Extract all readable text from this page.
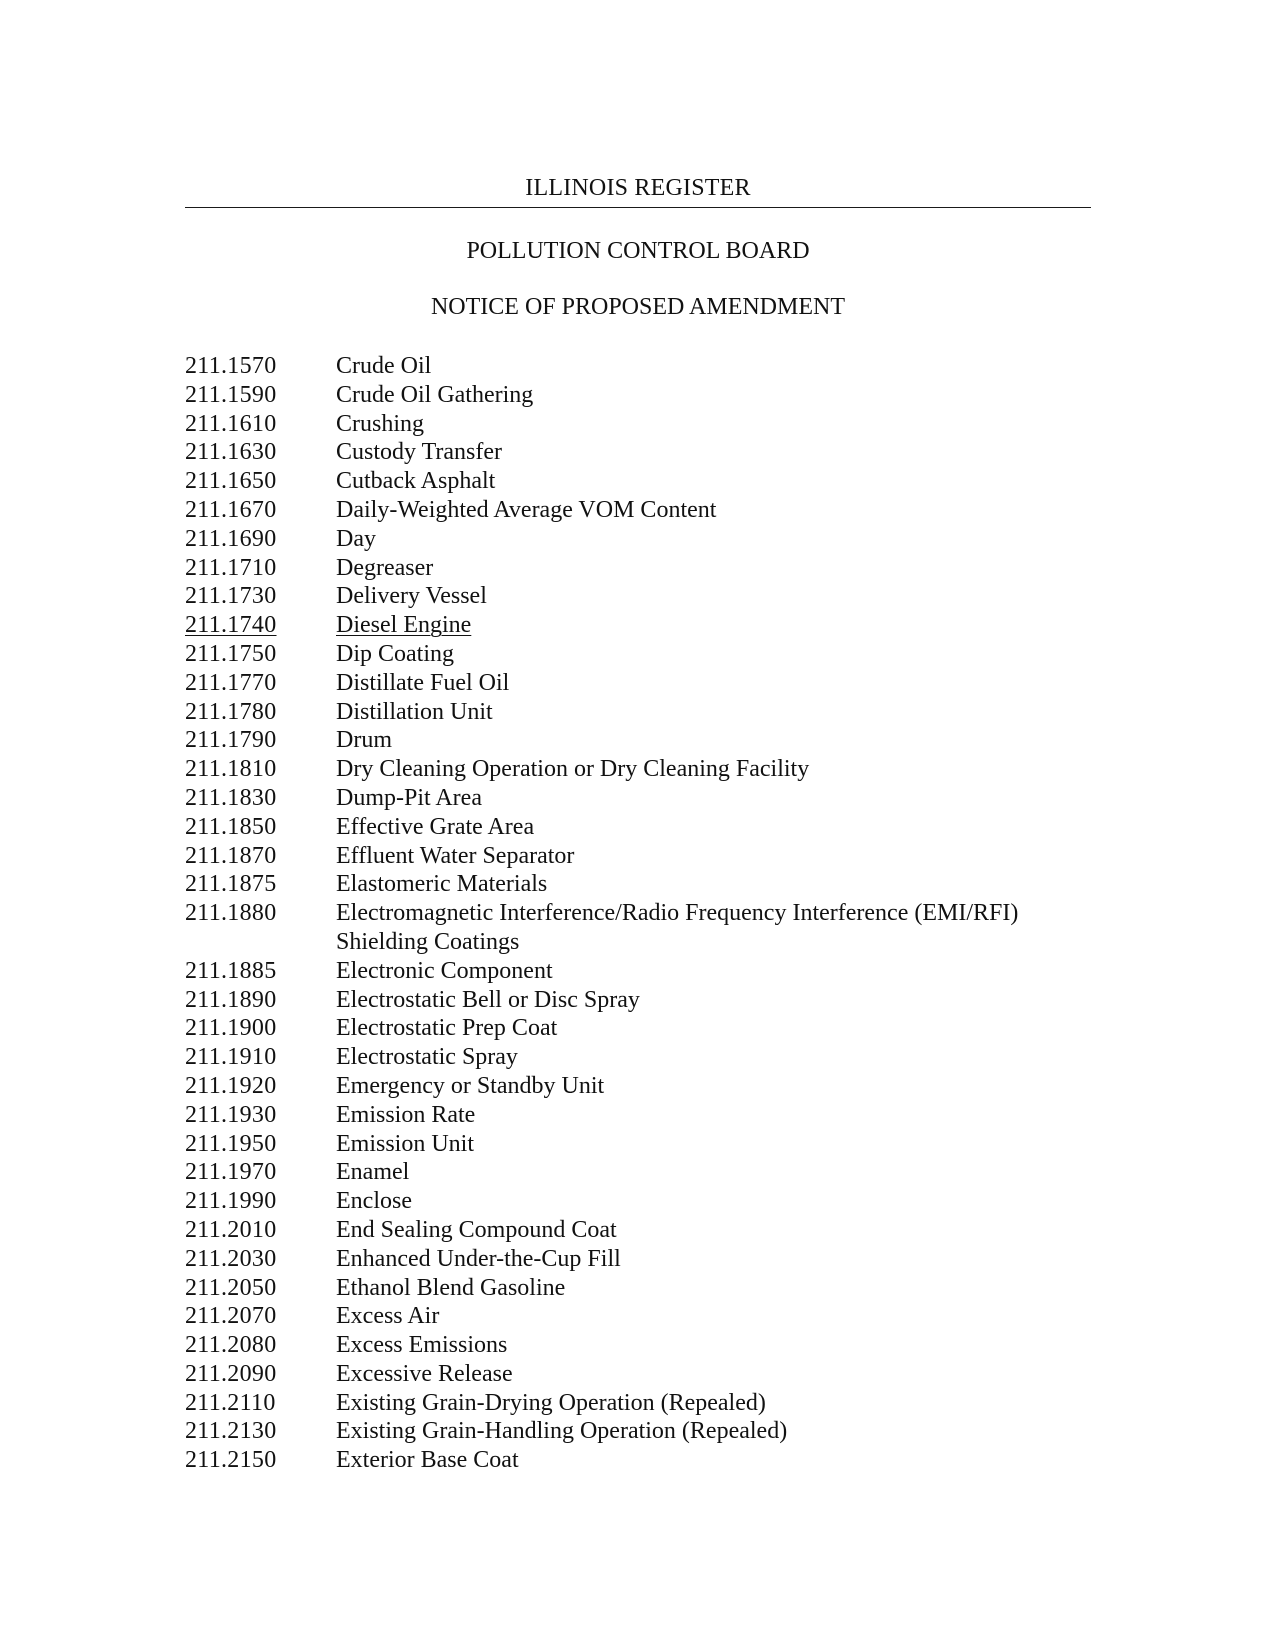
ILLINOIS REGISTER
POLLUTION CONTROL BOARD
NOTICE OF PROPOSED AMENDMENT
211.1570	Crude Oil
211.1590	Crude Oil Gathering
211.1610	Crushing
211.1630	Custody Transfer
211.1650	Cutback Asphalt
211.1670	Daily-Weighted Average VOM Content
211.1690	Day
211.1710	Degreaser
211.1730	Delivery Vessel
211.1740	Diesel Engine
211.1750	Dip Coating
211.1770	Distillate Fuel Oil
211.1780	Distillation Unit
211.1790	Drum
211.1810	Dry Cleaning Operation or Dry Cleaning Facility
211.1830	Dump-Pit Area
211.1850	Effective Grate Area
211.1870	Effluent Water Separator
211.1875	Elastomeric Materials
211.1880	Electromagnetic Interference/Radio Frequency Interference (EMI/RFI)
Shielding Coatings
211.1885	Electronic Component
211.1890	Electrostatic Bell or Disc Spray
211.1900	Electrostatic Prep Coat
211.1910	Electrostatic Spray
211.1920	Emergency or Standby Unit
211.1930	Emission Rate
211.1950	Emission Unit
211.1970	Enamel
211.1990	Enclose
211.2010	End Sealing Compound Coat
211.2030	Enhanced Under-the-Cup Fill
211.2050	Ethanol Blend Gasoline
211.2070	Excess Air
211.2080	Excess Emissions
211.2090	Excessive Release
211.2110	Existing Grain-Drying Operation (Repealed)
211.2130	Existing Grain-Handling Operation (Repealed)
211.2150	Exterior Base Coat
